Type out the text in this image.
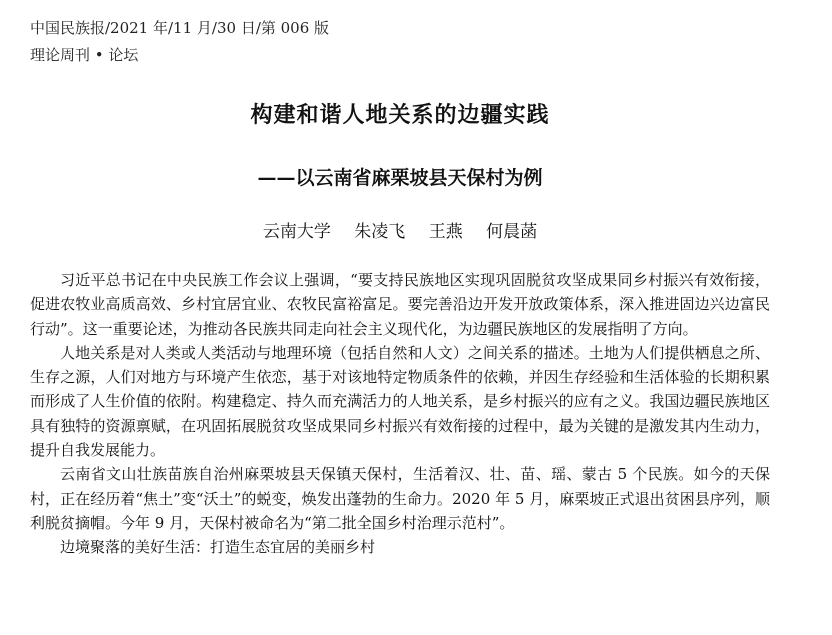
中国民族报/2021 年/11 月/30 日/第 006 版
理论周刊 • 论坛
构建和谐人地关系的边疆实践
——以云南省麻栗坡县天保村为例
云南大学 朱凌飞 王燕 何晨菡

习近平总书记在中央民族工作会议上强调，“要支持民族地区实现巩固脱贫攻坚成果同乡村振兴有效衔接，促进农牧业高质高效、乡村宜居宜业、农牧民富裕富足。要完善沿边开发开放政策体系，深入推进固边兴边富民行动”。这一重要论述，为推动各民族共同走向社会主义现代化，为边疆民族地区的发展指明了方向。

人地关系是对人类或人类活动与地理环境（包括自然和人文）之间关系的描述。土地为人们提供栖息之所、生存之源，人们对地方与环境产生依恋，基于对该地特定物质条件的依赖，并因生存经验和生活体验的长期积累而形成了人生价值的依附。构建稳定、持久而充满活力的人地关系，是乡村振兴的应有之义。我国边疆民族地区具有独特的资源禀赋，在巩固拓展脱贫攻坚成果同乡村振兴有效衔接的过程中，最为关键的是激发其内生动力，提升自我发展能力。

云南省文山壮族苗族自治州麻栗坡县天保镇天保村，生活着汉、壮、苗、瑶、蒙古 5 个民族。如今的天保村，正在经历着“焦土”变“沃土”的蜕变，焕发出蓬勃的生命力。2020 年 5 月，麻栗坡正式退出贫困县序列，顺利脱贫摘帽。今年 9 月，天保村被命名为“第二批全国乡村治理示范村”。

边境聚落的美好生活：打造生态宜居的美丽乡村
